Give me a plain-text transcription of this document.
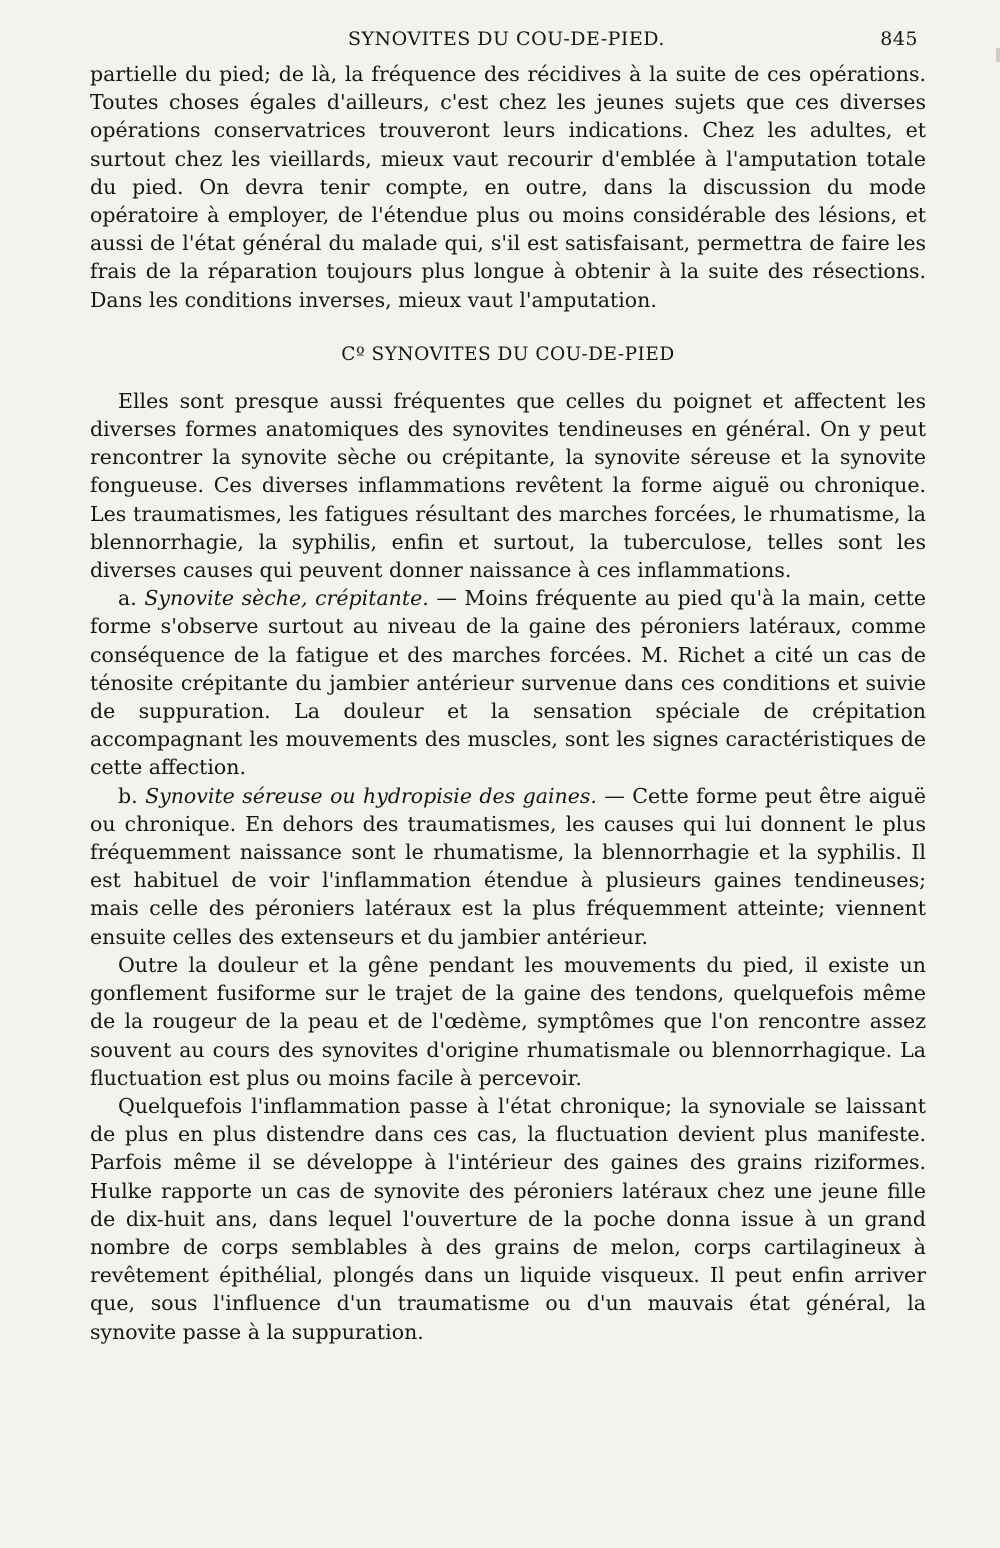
SYNOVITES DU COU-DE-PIED.	845

partielle du pied; de là, la fréquence des récidives à la suite de ces opérations. Toutes choses égales d'ailleurs, c'est chez les jeunes sujets que ces diverses opérations conservatrices trouveront leurs indications. Chez les adultes, et surtout chez les vieillards, mieux vaut recourir d'emblée à l'amputation totale du pied. On devra tenir compte, en outre, dans la discussion du mode opératoire à employer, de l'étendue plus ou moins considérable des lésions, et aussi de l'état général du malade qui, s'il est satisfaisant, permettra de faire les frais de la réparation toujours plus longue à obtenir à la suite des résections. Dans les conditions inverses, mieux vaut l'amputation.

Cº SYNOVITES DU COU-DE-PIED

Elles sont presque aussi fréquentes que celles du poignet et affectent les diverses formes anatomiques des synovites tendineuses en général. On y peut rencontrer la synovite sèche ou crépitante, la synovite séreuse et la synovite fongueuse. Ces diverses inflammations revêtent la forme aiguë ou chronique. Les traumatismes, les fatigues résultant des marches forcées, le rhumatisme, la blennorrhagie, la syphilis, enfin et surtout, la tuberculose, telles sont les diverses causes qui peuvent donner naissance à ces inflammations.

a. Synovite sèche, crépitante. — Moins fréquente au pied qu'à la main, cette forme s'observe surtout au niveau de la gaine des péroniers latéraux, comme conséquence de la fatigue et des marches forcées. M. Richet a cité un cas de ténosite crépitante du jambier antérieur survenue dans ces conditions et suivie de suppuration. La douleur et la sensation spéciale de crépitation accompagnant les mouvements des muscles, sont les signes caractéristiques de cette affection.

b. Synovite séreuse ou hydropisie des gaines. — Cette forme peut être aiguë ou chronique. En dehors des traumatismes, les causes qui lui donnent le plus fréquemment naissance sont le rhumatisme, la blennorrhagie et la syphilis. Il est habituel de voir l'inflammation étendue à plusieurs gaines tendineuses; mais celle des péroniers latéraux est la plus fréquemment atteinte; viennent ensuite celles des extenseurs et du jambier antérieur.

Outre la douleur et la gêne pendant les mouvements du pied, il existe un gonflement fusiforme sur le trajet de la gaine des tendons, quelquefois même de la rougeur de la peau et de l'œdème, symptômes que l'on rencontre assez souvent au cours des synovites d'origine rhumatismale ou blennorrhagique. La fluctuation est plus ou moins facile à percevoir.

Quelquefois l'inflammation passe à l'état chronique; la synoviale se laissant de plus en plus distendre dans ces cas, la fluctuation devient plus manifeste. Parfois même il se développe à l'intérieur des gaines des grains riziformes. Hulke rapporte un cas de synovite des péroniers latéraux chez une jeune fille de dix-huit ans, dans lequel l'ouverture de la poche donna issue à un grand nombre de corps semblables à des grains de melon, corps cartilagineux à revêtement épithélial, plongés dans un liquide visqueux. Il peut enfin arriver que, sous l'influence d'un traumatisme ou d'un mauvais état général, la synovite passe à la suppuration.
